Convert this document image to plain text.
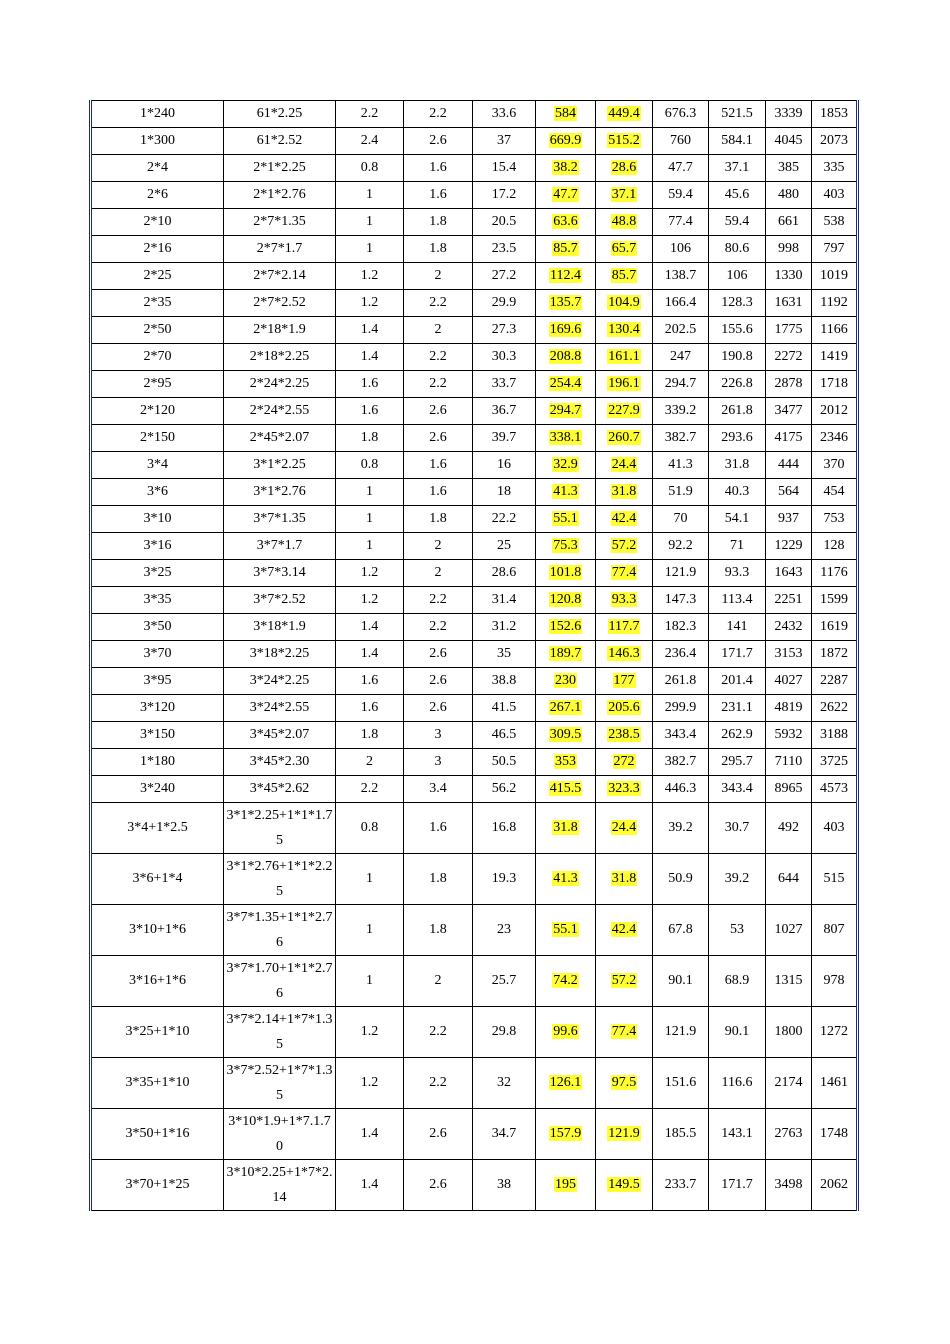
1*240	61*2.25	2.2	2.2	33.6	584	449.4	676.3	521.5	3339	1853
1*300	61*2.52	2.4	2.6	37	669.9	515.2	760	584.1	4045	2073
2*4	2*1*2.25	0.8	1.6	15.4	38.2	28.6	47.7	37.1	385	335
2*6	2*1*2.76	1	1.6	17.2	47.7	37.1	59.4	45.6	480	403
2*10	2*7*1.35	1	1.8	20.5	63.6	48.8	77.4	59.4	661	538
2*16	2*7*1.7	1	1.8	23.5	85.7	65.7	106	80.6	998	797
2*25	2*7*2.14	1.2	2	27.2	112.4	85.7	138.7	106	1330	1019
2*35	2*7*2.52	1.2	2.2	29.9	135.7	104.9	166.4	128.3	1631	1192
2*50	2*18*1.9	1.4	2	27.3	169.6	130.4	202.5	155.6	1775	1166
2*70	2*18*2.25	1.4	2.2	30.3	208.8	161.1	247	190.8	2272	1419
2*95	2*24*2.25	1.6	2.2	33.7	254.4	196.1	294.7	226.8	2878	1718
2*120	2*24*2.55	1.6	2.6	36.7	294.7	227.9	339.2	261.8	3477	2012
2*150	2*45*2.07	1.8	2.6	39.7	338.1	260.7	382.7	293.6	4175	2346
3*4	3*1*2.25	0.8	1.6	16	32.9	24.4	41.3	31.8	444	370
3*6	3*1*2.76	1	1.6	18	41.3	31.8	51.9	40.3	564	454
3*10	3*7*1.35	1	1.8	22.2	55.1	42.4	70	54.1	937	753
3*16	3*7*1.7	1	2	25	75.3	57.2	92.2	71	1229	128
3*25	3*7*3.14	1.2	2	28.6	101.8	77.4	121.9	93.3	1643	1176
3*35	3*7*2.52	1.2	2.2	31.4	120.8	93.3	147.3	113.4	2251	1599
3*50	3*18*1.9	1.4	2.2	31.2	152.6	117.7	182.3	141	2432	1619
3*70	3*18*2.25	1.4	2.6	35	189.7	146.3	236.4	171.7	3153	1872
3*95	3*24*2.25	1.6	2.6	38.8	230	177	261.8	201.4	4027	2287
3*120	3*24*2.55	1.6	2.6	41.5	267.1	205.6	299.9	231.1	4819	2622
3*150	3*45*2.07	1.8	3	46.5	309.5	238.5	343.4	262.9	5932	3188
1*180	3*45*2.30	2	3	50.5	353	272	382.7	295.7	7110	3725
3*240	3*45*2.62	2.2	3.4	56.2	415.5	323.3	446.3	343.4	8965	4573
3*4+1*2.5	3*1*2.25+1*1*1.75	0.8	1.6	16.8	31.8	24.4	39.2	30.7	492	403
3*6+1*4	3*1*2.76+1*1*2.25	1	1.8	19.3	41.3	31.8	50.9	39.2	644	515
3*10+1*6	3*7*1.35+1*1*2.76	1	1.8	23	55.1	42.4	67.8	53	1027	807
3*16+1*6	3*7*1.70+1*1*2.76	1	2	25.7	74.2	57.2	90.1	68.9	1315	978
3*25+1*10	3*7*2.14+1*7*1.35	1.2	2.2	29.8	99.6	77.4	121.9	90.1	1800	1272
3*35+1*10	3*7*2.52+1*7*1.35	1.2	2.2	32	126.1	97.5	151.6	116.6	2174	1461
3*50+1*16	3*10*1.9+1*7.1.70	1.4	2.6	34.7	157.9	121.9	185.5	143.1	2763	1748
3*70+1*25	3*10*2.25+1*7*2.14	1.4	2.6	38	195	149.5	233.7	171.7	3498	2062
